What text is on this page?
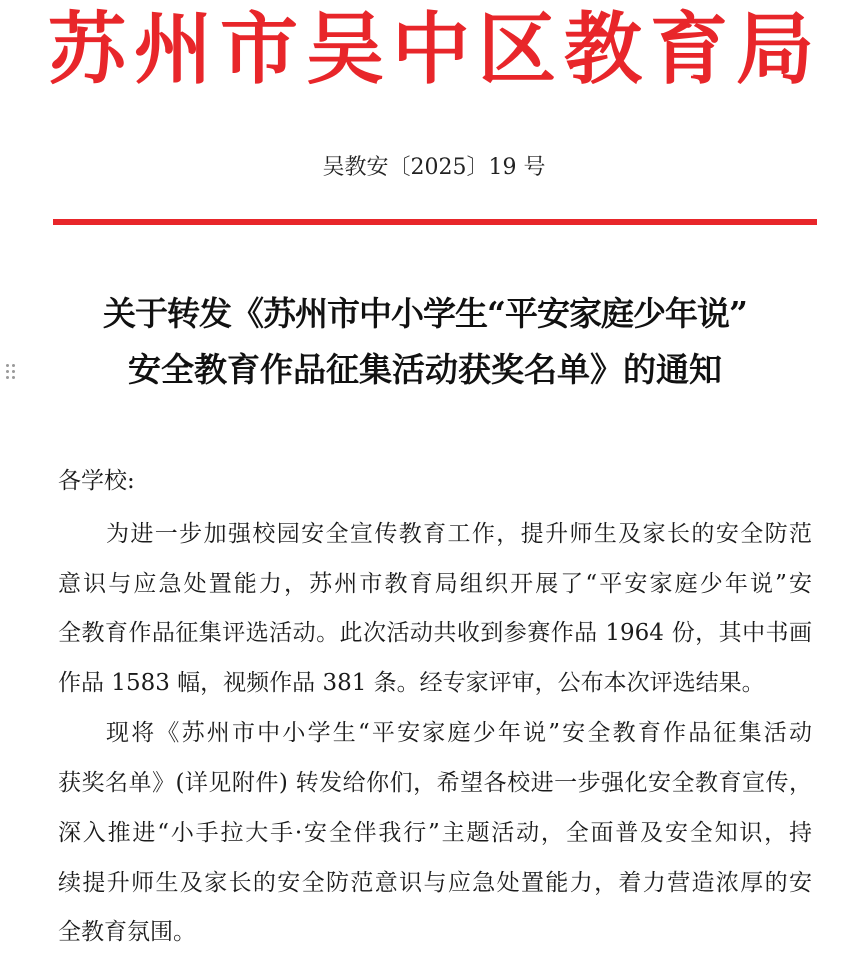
苏州市吴中区教育局
吴教安〔2025〕19 号
关于转发《苏州市中小学生“平安家庭少年说”
安全教育作品征集活动获奖名单》的通知
各学校:
为进一步加强校园安全宣传教育工作，提升师生及家长的安全防范
意识与应急处置能力，苏州市教育局组织开展了“平安家庭少年说”安
全教育作品征集评选活动。此次活动共收到参赛作品 1964 份，其中书画
作品 1583 幅，视频作品 381 条。经专家评审，公布本次评选结果。
现将《苏州市中小学生“平安家庭少年说”安全教育作品征集活动
获奖名单》(详见附件) 转发给你们，希望各校进一步强化安全教育宣传，
深入推进“小手拉大手·安全伴我行”主题活动，全面普及安全知识，持
续提升师生及家长的安全防范意识与应急处置能力，着力营造浓厚的安
全教育氛围。
